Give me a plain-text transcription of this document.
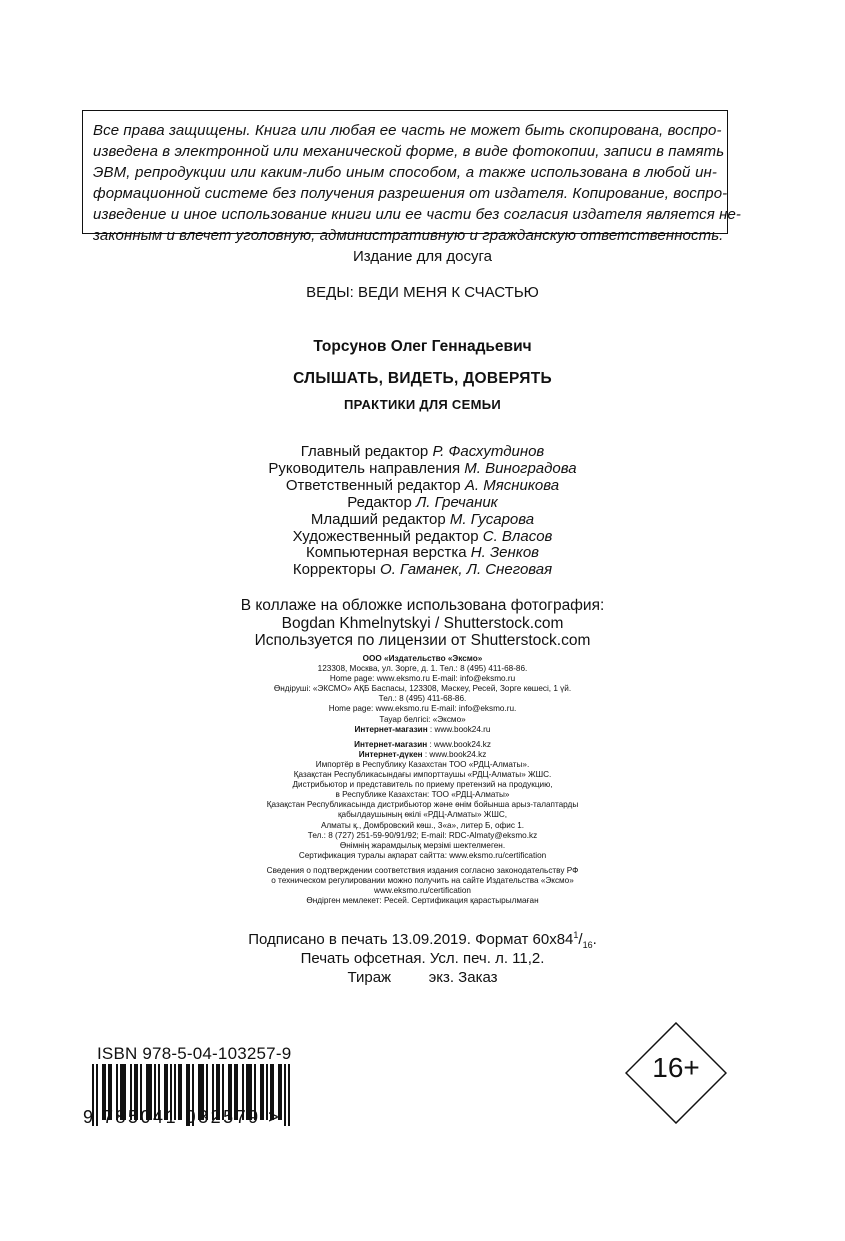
Все права защищены. Книга или любая ее часть не может быть скопирована, воспро-
изведена в электронной или механической форме, в виде фотокопии, записи в память
ЭВМ, репродукции или каким-либо иным способом, а также использована в любой ин-
формационной системе без получения разрешения от издателя. Копирование, воспро-
изведение и иное использование книги или ее части без согласия издателя является не-
законным и влечет уголовную, административную и гражданскую ответственность.
Издание для досуга
ВЕДЫ: ВЕДИ МЕНЯ К СЧАСТЬЮ
Торсунов Олег Геннадьевич
СЛЫШАТЬ, ВИДЕТЬ, ДОВЕРЯТЬ
ПРАКТИКИ ДЛЯ СЕМЬИ
Главный редактор Р. Фасхутдинов
Руководитель направления М. Виноградова
Ответственный редактор А. Мясникова
Редактор Л. Гречаник
Младший редактор М. Гусарова
Художественный редактор С. Власов
Компьютерная верстка Н. Зенков
Корректоры О. Гаманек, Л. Снеговая
В коллаже на обложке использована фотография:
Bogdan Khmelnytskyi / Shutterstock.com
Используется по лицензии от Shutterstock.com
ООО «Издательство «Эксмо»
123308, Москва, ул. Зорге, д. 1. Тел.: 8 (495) 411-68-86.
Home page: www.eksmo.ru E-mail: info@eksmo.ru
Өндіруші: «ЭКСМО» АҚБ Баспасы, 123308, Мәскеу, Ресей, Зорге көшесі, 1 үй.
Тел.: 8 (495) 411-68-86.
Home page: www.eksmo.ru E-mail: info@eksmo.ru.
Тауар белгісі: «Эксмо»
Интернет-магазин : www.book24.ru
Интернет-магазин : www.book24.kz
Интернет-дүкен : www.book24.kz
Импортёр в Республику Казахстан ТОО «РДЦ-Алматы».
Қазақстан Республикасындағы импорттаушы «РДЦ-Алматы» ЖШС.
Дистрибьютор и представитель по приему претензий на продукцию,
в Республике Казахстан: ТОО «РДЦ-Алматы»
Қазақстан Республикасында дистрибьютор және өнім бойынша арыз-талаптарды
қабылдаушының өкілі «РДЦ-Алматы» ЖШС,
Алматы қ., Домбровский көш., 3«а», литер Б, офис 1.
Тел.: 8 (727) 251-59-90/91/92; E-mail: RDC-Almaty@eksmo.kz
Өнімнің жарамдылық мерзімі шектелмеген.
Сертификация туралы ақпарат сайтта: www.eksmo.ru/certification
Сведения о подтверждении соответствия издания согласно законодательству РФ
о техническом регулировании можно получить на сайте Издательства «Эксмо»
www.eksmo.ru/certification
Өндірген мемлекет: Ресей. Сертификация қарастырылмаған
Подписано в печать 13.09.2019. Формат $60x84^1/_{16}$.
Печать офсетная. Усл. печ. л. 11,2.
Тираж         экз. Заказ
ISBN 978-5-04-103257-9
9 785041 032579 >
16+
